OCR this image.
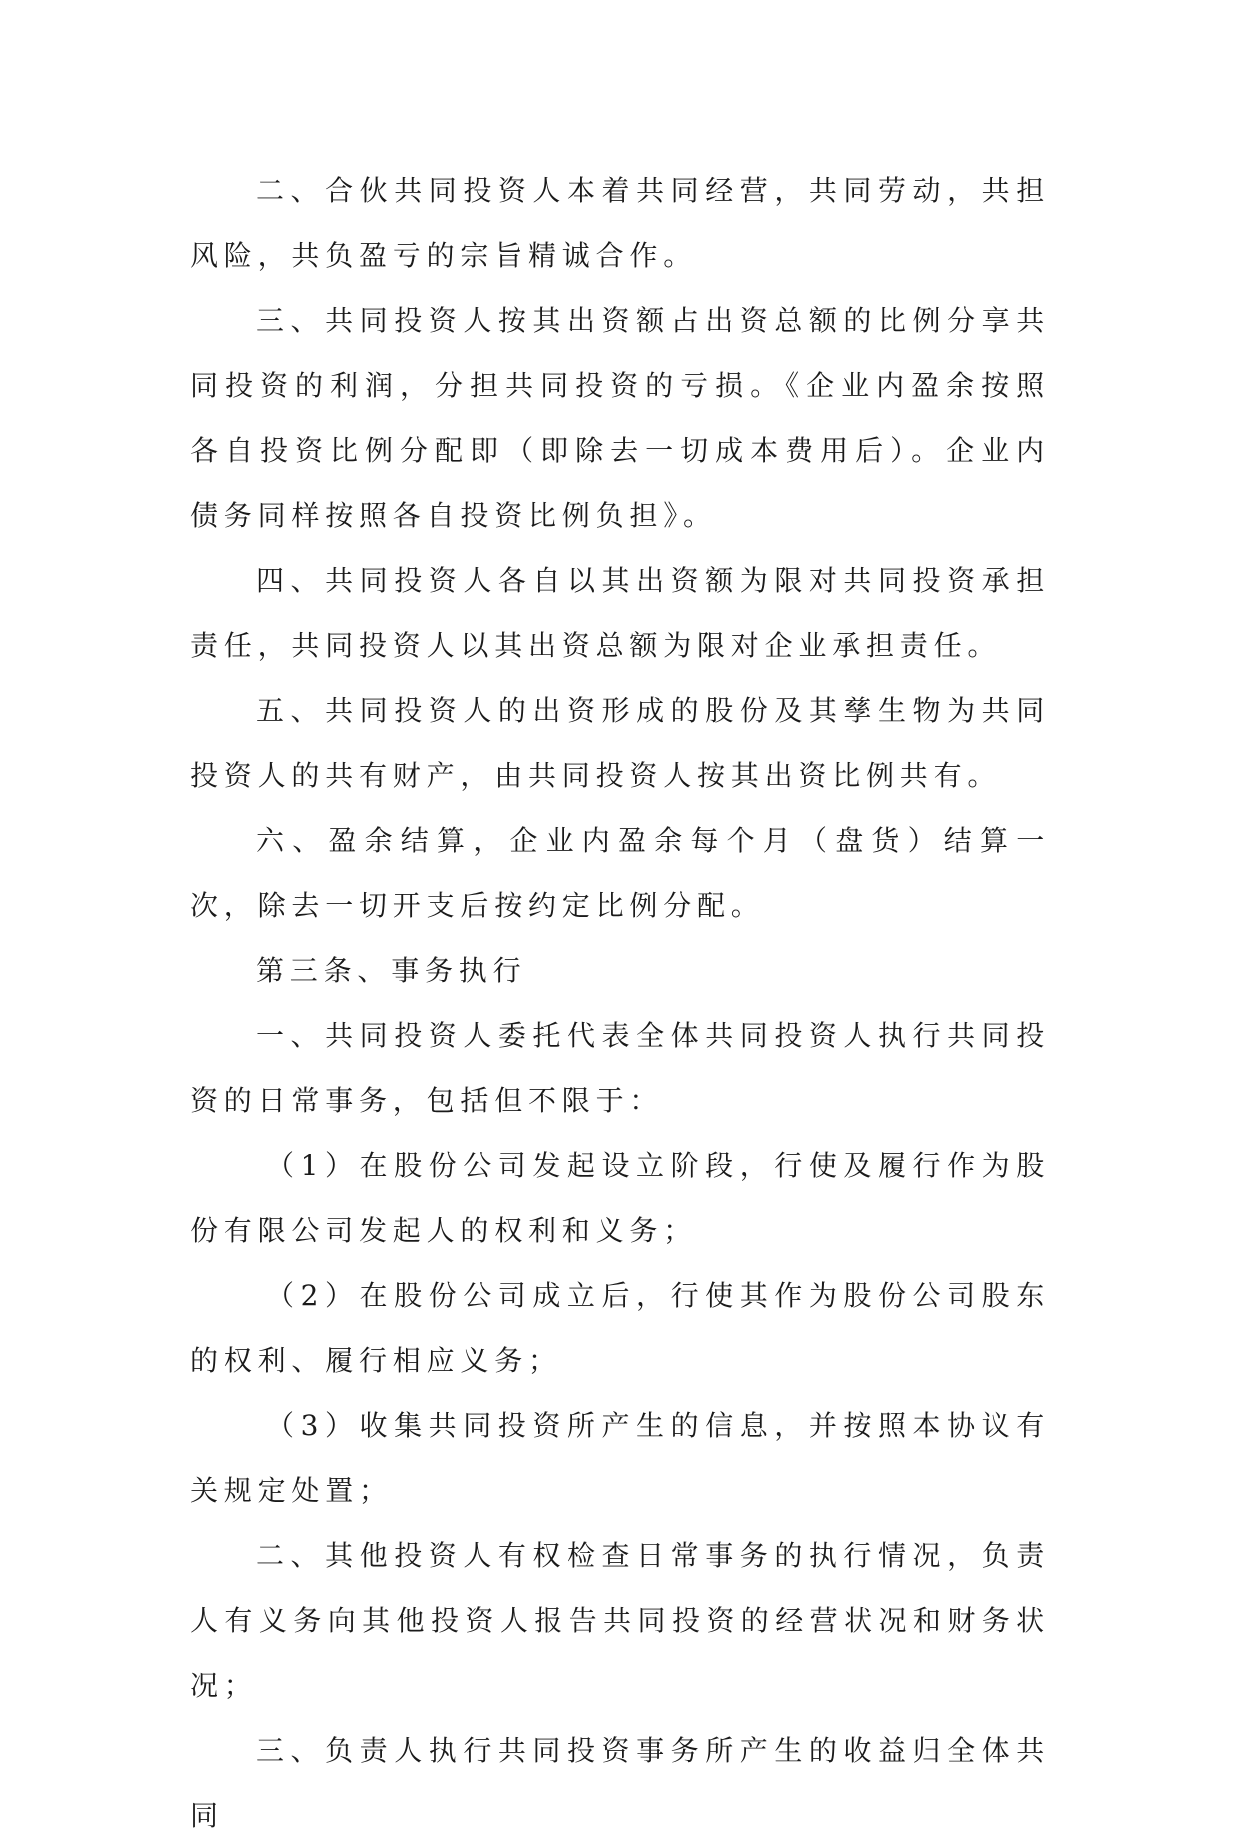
二、合伙共同投资人本着共同经营，共同劳动，共担风险，共负盈亏的宗旨精诚合作。

三、共同投资人按其出资额占出资总额的比例分享共同投资的利润，分担共同投资的亏损。《企业内盈余按照各自投资比例分配即（即除去一切成本费用后）。企业内债务同样按照各自投资比例负担》。

四、共同投资人各自以其出资额为限对共同投资承担责任，共同投资人以其出资总额为限对企业承担责任。

五、共同投资人的出资形成的股份及其孳生物为共同投资人的共有财产，由共同投资人按其出资比例共有。

六、盈余结算，企业内盈余每个月（盘货）结算一次，除去一切开支后按约定比例分配。

第三条、事务执行

一、共同投资人委托代表全体共同投资人执行共同投资的日常事务，包括但不限于：

（1）在股份公司发起设立阶段，行使及履行作为股份有限公司发起人的权利和义务；

（2）在股份公司成立后，行使其作为股份公司股东的权利、履行相应义务；

（3）收集共同投资所产生的信息，并按照本协议有关规定处置；

二、其他投资人有权检查日常事务的执行情况，负责人有义务向其他投资人报告共同投资的经营状况和财务状况；

三、负责人执行共同投资事务所产生的收益归全体共同
